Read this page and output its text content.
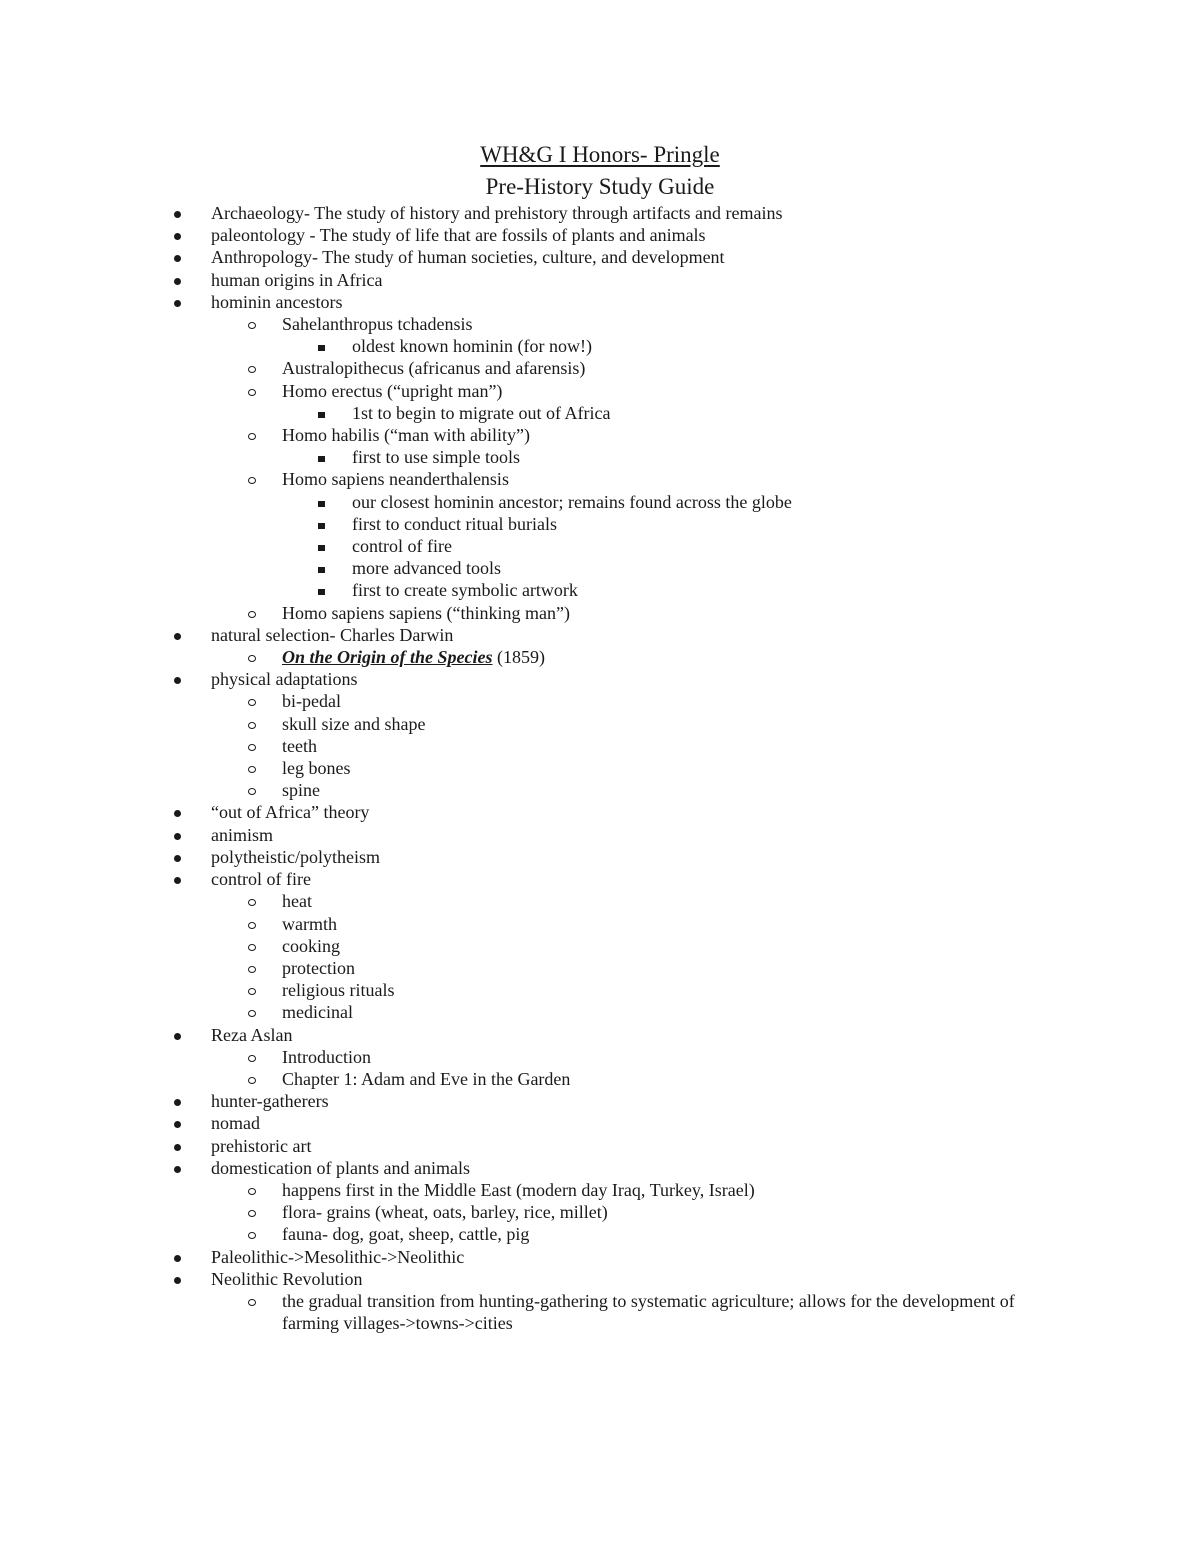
WH&G I Honors- Pringle
Pre-History Study Guide
Archaeology- The study of history and prehistory through artifacts and remains
paleontology - The study of life that are fossils of plants and animals
Anthropology- The study of human societies, culture, and development
human origins in Africa
hominin ancestors
Sahelanthropus tchadensis
oldest known hominin (for now!)
Australopithecus (africanus and afarensis)
Homo erectus (“upright man”)
1st to begin to migrate out of Africa
Homo habilis (“man with ability”)
first to use simple tools
Homo sapiens neanderthalensis
our closest hominin ancestor; remains found across the globe
first to conduct ritual burials
control of fire
more advanced tools
first to create symbolic artwork
Homo sapiens sapiens (“thinking man”)
natural selection- Charles Darwin
On the Origin of the Species (1859)
physical adaptations
bi-pedal
skull size and shape
teeth
leg bones
spine
“out of Africa” theory
animism
polytheistic/polytheism
control of fire
heat
warmth
cooking
protection
religious rituals
medicinal
Reza Aslan
Introduction
Chapter 1: Adam and Eve in the Garden
hunter-gatherers
nomad
prehistoric art
domestication of plants and animals
happens first in the Middle East (modern day Iraq, Turkey, Israel)
flora- grains (wheat, oats, barley, rice, millet)
fauna- dog, goat, sheep, cattle, pig
Paleolithic->Mesolithic->Neolithic
Neolithic Revolution
the gradual transition from hunting-gathering to systematic agriculture; allows for the development of farming villages->towns->cities
